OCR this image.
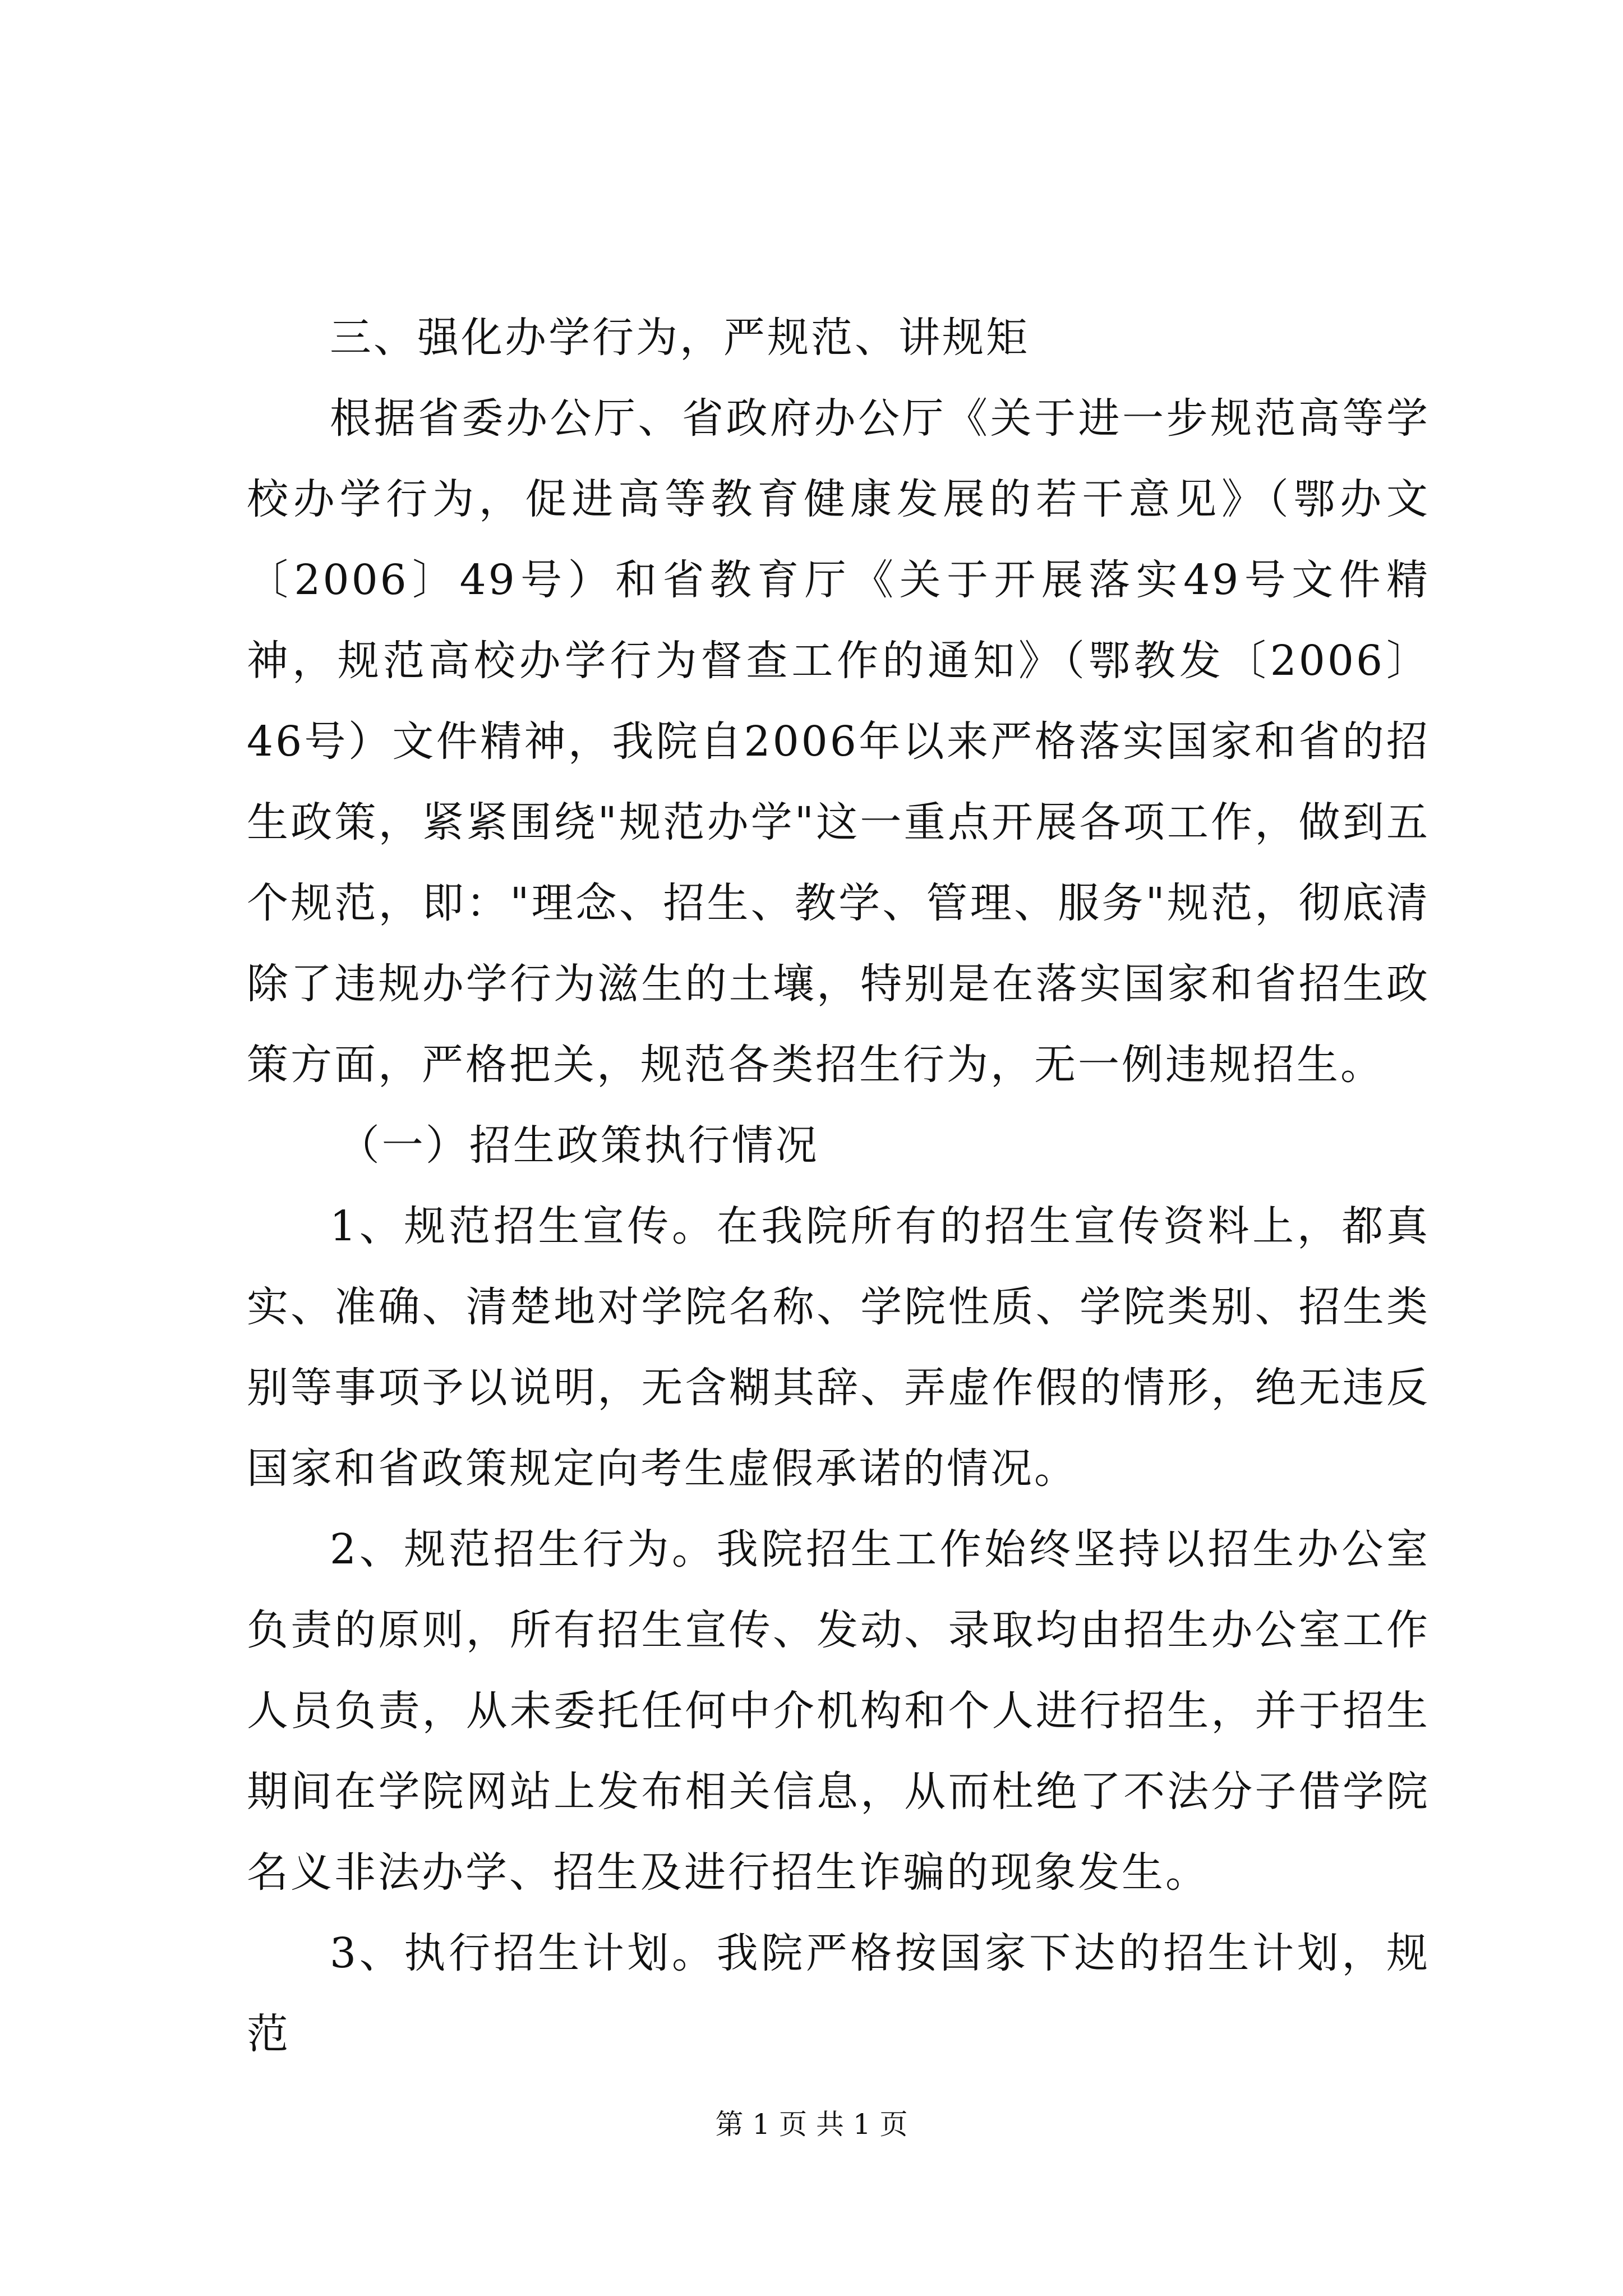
三、强化办学行为，严规范、讲规矩

根据省委办公厅、省政府办公厅《关于进一步规范高等学校办学行为，促进高等教育健康发展的若干意见》（鄂办文〔2006〕49号）和省教育厅《关于开展落实49号文件精神，规范高校办学行为督查工作的通知》（鄂教发〔2006〕46号）文件精神，我院自2006年以来严格落实国家和省的招生政策，紧紧围绕"规范办学"这一重点开展各项工作，做到五个规范，即："理念、招生、教学、管理、服务"规范，彻底清除了违规办学行为滋生的土壤，特别是在落实国家和省招生政策方面，严格把关，规范各类招生行为，无一例违规招生。

（一）招生政策执行情况

1、规范招生宣传。在我院所有的招生宣传资料上，都真实、准确、清楚地对学院名称、学院性质、学院类别、招生类别等事项予以说明，无含糊其辞、弄虚作假的情形，绝无违反国家和省政策规定向考生虚假承诺的情况。

2、规范招生行为。我院招生工作始终坚持以招生办公室负责的原则，所有招生宣传、发动、录取均由招生办公室工作人员负责，从未委托任何中介机构和个人进行招生，并于招生期间在学院网站上发布相关信息，从而杜绝了不法分子借学院名义非法办学、招生及进行招生诈骗的现象发生。

3、执行招生计划。我院严格按国家下达的招生计划，规范

第 1 页 共 1 页
